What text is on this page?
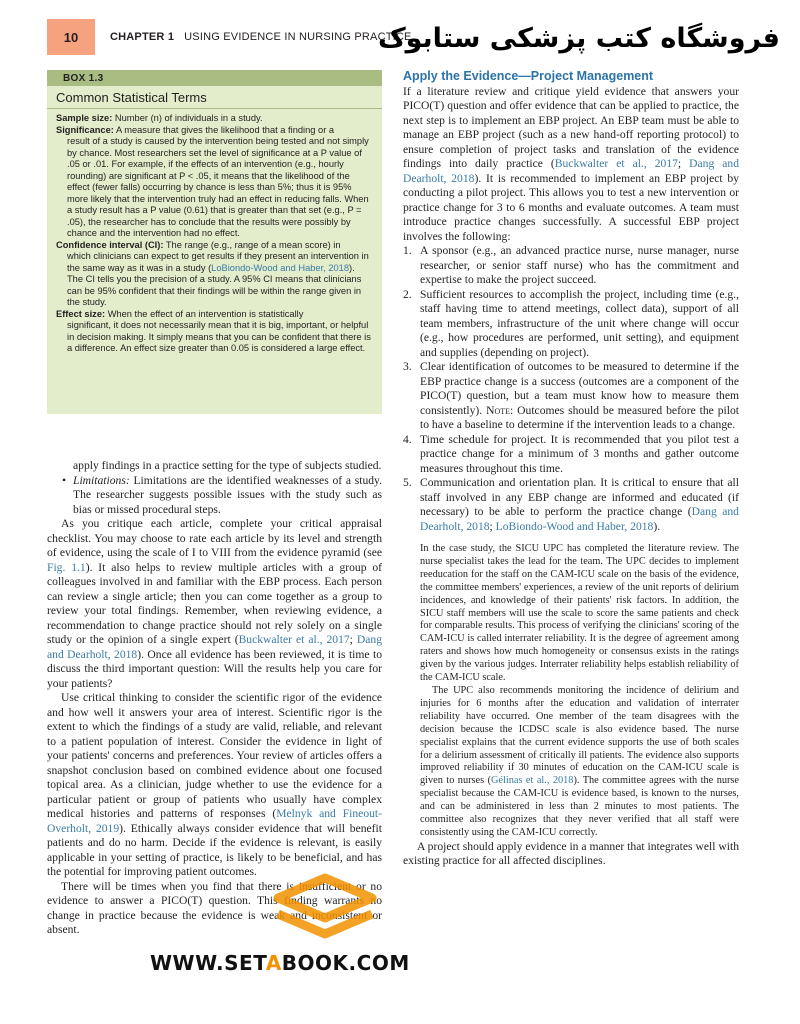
10	CHAPTER 1 USING EVIDENCE IN NURSING PRACTICE
فروشگاه کتب پزشکی ستابوک
BOX 1.3
Common Statistical Terms
Sample size: Number (n) of individuals in a study.
Significance: A measure that gives the likelihood that a finding or a
result of a study is caused by the intervention being tested and not simply by chance. Most researchers set the level of significance at a P value of .05 or .01. For example, if the effects of an intervention (e.g., hourly rounding) are significant at P < .05, it means that the likelihood of the effect (fewer falls) occurring by chance is less than 5%; thus it is 95% more likely that the intervention truly had an effect in reducing falls. When a study result has a P value (0.61) that is greater than that set (e.g., P = .05), the researcher has to conclude that the results were possibly by chance and the intervention had no effect.
Confidence interval (CI): The range (e.g., range of a mean score) in
which clinicians can expect to get results if they present an intervention in the same way as it was in a study (LoBiondo-Wood and Haber, 2018). The CI tells you the precision of a study. A 95% CI means that clinicians can be 95% confident that their findings will be within the range given in the study.
Effect size: When the effect of an intervention is statistically
significant, it does not necessarily mean that it is big, important, or helpful in decision making. It simply means that you can be confident that there is a difference. An effect size greater than 0.05 is considered a large effect.
apply findings in a practice setting for the type of subjects studied.
• Limitations: Limitations are the identified weaknesses of a study. The researcher suggests possible issues with the study such as bias or missed procedural steps.

As you critique each article, complete your critical appraisal checklist. You may choose to rate each article by its level and strength of evidence, using the scale of I to VIII from the evidence pyramid (see Fig. 1.1). It also helps to review multiple articles with a group of colleagues involved in and familiar with the EBP process. Each person can review a single article; then you can come together as a group to review your total findings. Remember, when reviewing evidence, a recommendation to change practice should not rely solely on a single study or the opinion of a single expert (Buckwalter et al., 2017; Dang and Dearholt, 2018). Once all evidence has been reviewed, it is time to discuss the third important question: Will the results help you care for your patients?

Use critical thinking to consider the scientific rigor of the evidence and how well it answers your area of interest. Scientific rigor is the extent to which the findings of a study are valid, reliable, and relevant to a patient population of interest. Consider the evidence in light of your patients' concerns and preferences. Your review of articles offers a snapshot conclusion based on combined evidence about one focused topical area. As a clinician, judge whether to use the evidence for a particular patient or group of patients who usually have complex medical histories and patterns of responses (Melnyk and Fineout-Overholt, 2019). Ethically always consider evidence that will benefit patients and do no harm. Decide if the evidence is relevant, is easily applicable in your setting of practice, is likely to be beneficial, and has the potential for improving patient outcomes.

There will be times when you find that there is insufficient or no evidence to answer a PICO(T) question. This finding warrants no change in practice because the evidence is weak and inconsistent or absent.

Apply the Evidence—Project Management

If a literature review and critique yield evidence that answers your PICO(T) question and offer evidence that can be applied to practice, the next step is to implement an EBP project. An EBP team must be able to manage an EBP project (such as a new hand-off reporting protocol) to ensure completion of project tasks and translation of the evidence findings into daily practice (Buckwalter et al., 2017; Dang and Dearholt, 2018). It is recommended to implement an EBP project by conducting a pilot project. This allows you to test a new intervention or practice change for 3 to 6 months and evaluate outcomes. A team must introduce practice changes successfully. A successful EBP project involves the following:

1. A sponsor (e.g., an advanced practice nurse, nurse manager, nurse researcher, or senior staff nurse) who has the commitment and expertise to make the project succeed.
2. Sufficient resources to accomplish the project, including time (e.g., staff having time to attend meetings, collect data), support of all team members, infrastructure of the unit where change will occur (e.g., how procedures are performed, unit setting), and equipment and supplies (depending on project).
3. Clear identification of outcomes to be measured to determine if the EBP practice change is a success (outcomes are a component of the PICO(T) question, but a team must know how to measure them consistently). Note: Outcomes should be measured before the pilot to have a baseline to determine if the intervention leads to a change.
4. Time schedule for project. It is recommended that you pilot test a practice change for a minimum of 3 months and gather outcome measures throughout this time.
5. Communication and orientation plan. It is critical to ensure that all staff involved in any EBP change are informed and educated (if necessary) to be able to perform the practice change (Dang and Dearholt, 2018; LoBiondo-Wood and Haber, 2018).

In the case study, the SICU UPC has completed the literature review. The nurse specialist takes the lead for the team. The UPC decides to implement reeducation for the staff on the CAM-ICU scale on the basis of the evidence, the committee members' experiences, a review of the unit reports of delirium incidences, and knowledge of their patients' risk factors. In addition, the SICU staff members will use the scale to score the same patients and check for comparable results. This process of verifying the clinicians' scoring of the CAM-ICU is called interrater reliability. It is the degree of agreement among raters and shows how much homogeneity or consensus exists in the ratings given by the various judges. Interrater reliability helps establish reliability of the CAM-ICU scale.

The UPC also recommends monitoring the incidence of delirium and injuries for 6 months after the education and validation of interrater reliability have occurred. One member of the team disagrees with the decision because the ICDSC scale is also evidence based. The nurse specialist explains that the current evidence supports the use of both scales for a delirium assessment of critically ill patients. The evidence also supports improved reliability if 30 minutes of education on the CAM-ICU scale is given to nurses (Gélinas et al., 2018). The committee agrees with the nurse specialist because the CAM-ICU is evidence based, is known to the nurses, and can be administered in less than 2 minutes to most patients. The committee also recognizes that they never verified that all staff were consistently using the CAM-ICU correctly.

A project should apply evidence in a manner that integrates well with existing practice for all affected disciplines.

WWW.SETABOOK.COM
